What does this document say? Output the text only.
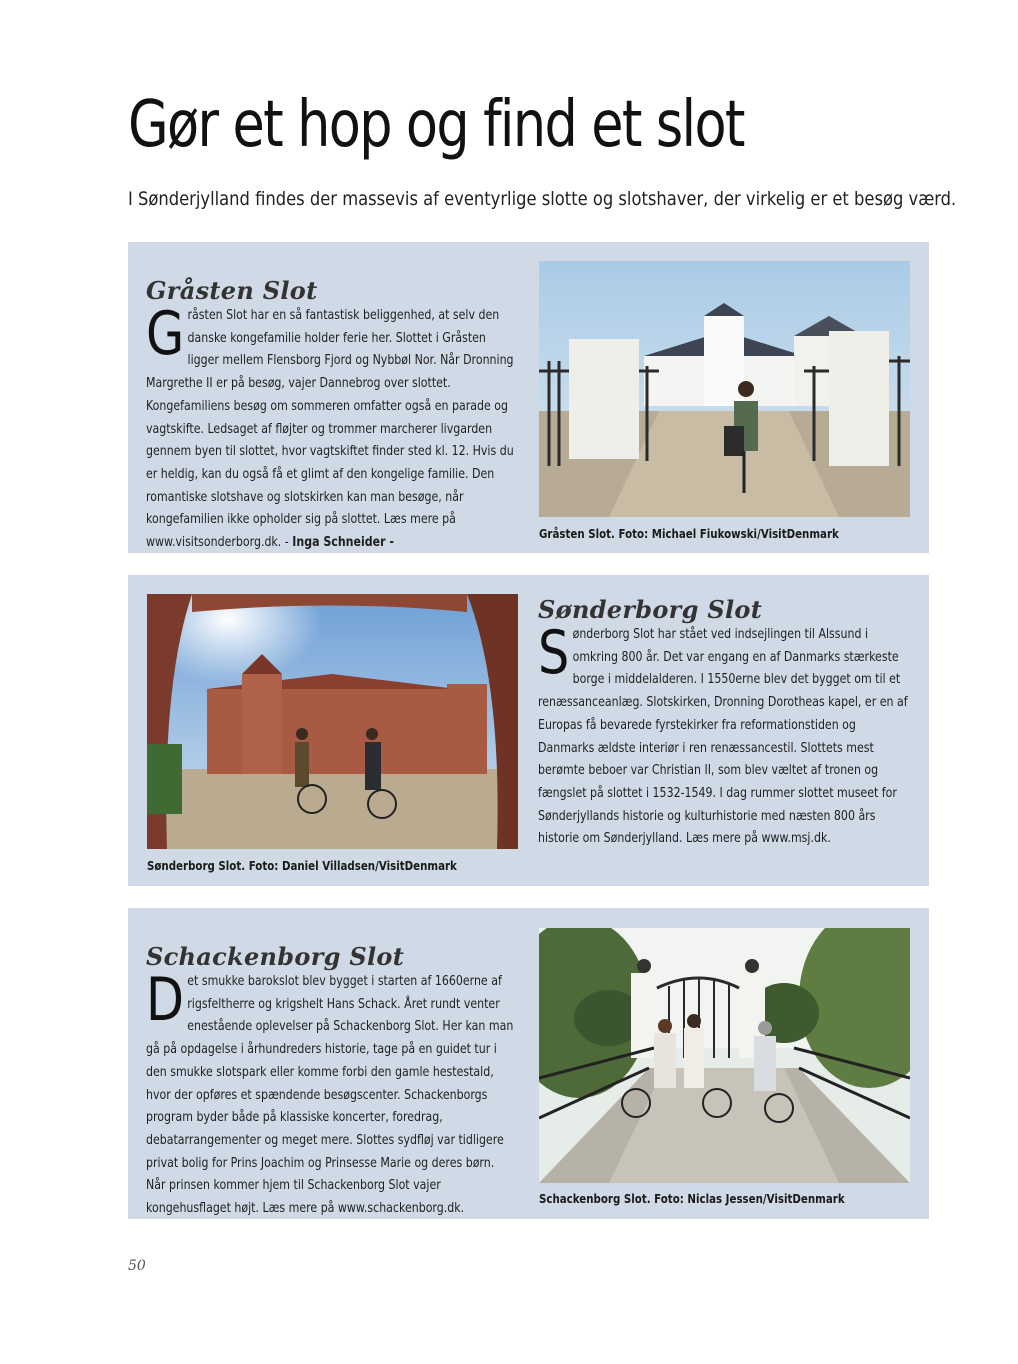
Gør et hop og find et slot

I Sønderjylland findes der massevis af eventyrlige slotte og slotshaver, der virkelig er et besøg værd.

Gråsten Slot

Gråsten Slot har en så fantastisk beliggenhed, at selv den danske kongefamilie holder ferie her. Slottet i Gråsten ligger mellem Flensborg Fjord og Nybbøl Nor. Når Dronning Margrethe II er på besøg, vajer Dannebrog over slottet. Kongefamiliens besøg om sommeren omfatter også en parade og vagtskifte. Ledsaget af fløjter og trommer marcherer livgarden gennem byen til slottet, hvor vagtskiftet finder sted kl. 12. Hvis du er heldig, kan du også få et glimt af den kongelige familie. Den romantiske slotshave og slotskirken kan man besøge, når kongefamilien ikke opholder sig på slottet. Læs mere på www.visitsonderborg.dk. - Inga Schneider -

Gråsten Slot. Foto: Michael Fiukowski/VisitDenmark

Sønderborg Slot. Foto: Daniel Villadsen/VisitDenmark

Sønderborg Slot

Sønderborg Slot har stået ved indsejlingen til Alssund i omkring 800 år. Det var engang en af Danmarks stærkeste borge i middelalderen. I 1550erne blev det bygget om til et renæssanceanlæg. Slotskirken, Dronning Dorotheas kapel, er en af Europas få bevarede fyrstekirker fra reformationstiden og Danmarks ældste interiør i ren renæssancestil. Slottets mest berømte beboer var Christian II, som blev væltet af tronen og fængslet på slottet i 1532-1549. I dag rummer slottet museet for Sønderjyllands historie og kulturhistorie med næsten 800 års historie om Sønderjylland. Læs mere på www.msj.dk.

Schackenborg Slot

Det smukke barokslot blev bygget i starten af 1660erne af rigsfeltherre og krigshelt Hans Schack. Året rundt venter enestående oplevelser på Schackenborg Slot. Her kan man gå på opdagelse i århundreders historie, tage på en guidet tur i den smukke slotspark eller komme forbi den gamle hestestald, hvor der opføres et spændende besøgscenter. Schackenborgs program byder både på klassiske koncerter, foredrag, debatarrangementer og meget mere. Slottes sydfløj var tidligere privat bolig for Prins Joachim og Prinsesse Marie og deres børn. Når prinsen kommer hjem til Schackenborg Slot vajer kongehusflaget højt. Læs mere på www.schackenborg.dk.

Schackenborg Slot. Foto: Niclas Jessen/VisitDenmark

50
